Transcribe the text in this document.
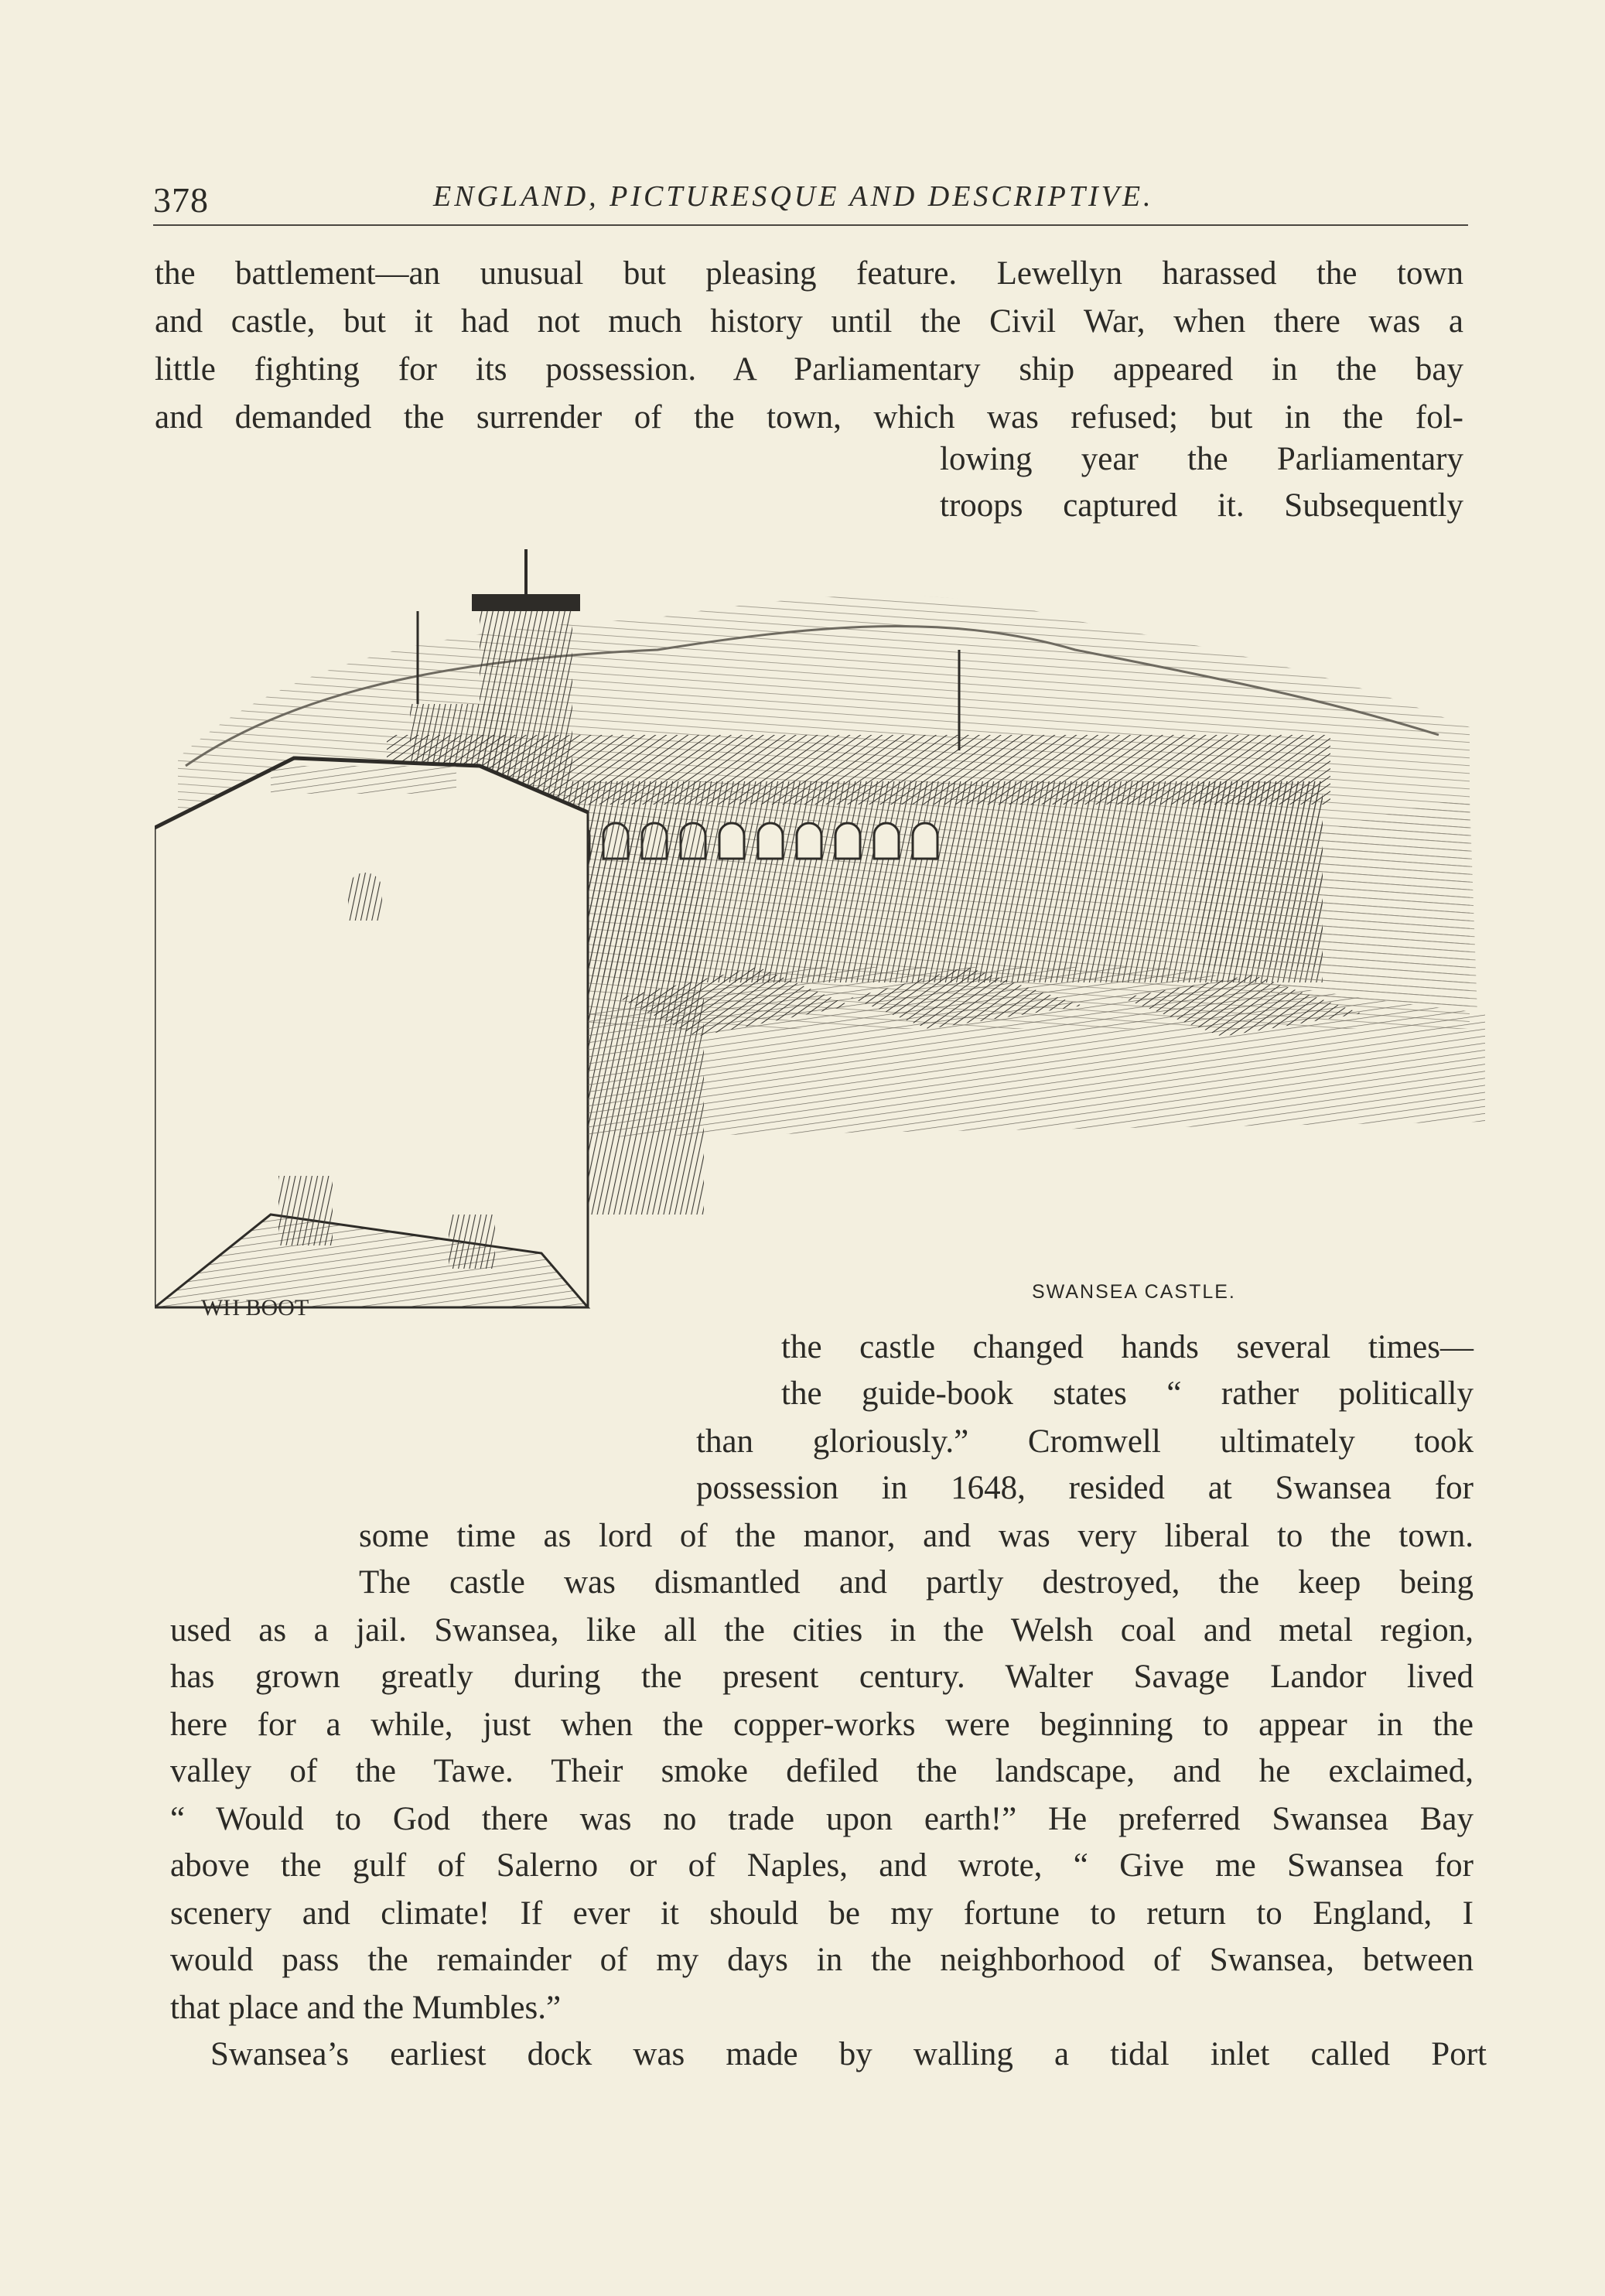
378	ENGLAND, PICTURESQUE AND DESCRIPTIVE.
the battlement—an unusual but pleasing feature. Lewellyn harassed the town
and castle, but it had not much history until the Civil War, when there was a
little fighting for its possession. A Parliamentary ship appeared in the bay
and demanded the surrender of the town, which was refused; but in the fol-
lowing year the Parliamentary
troops captured it. Subsequently
WH BOOT
SWANSEA CASTLE.
the castle changed hands several times—
the guide-book states “ rather politically
than gloriously.” Cromwell ultimately took
possession in 1648, resided at Swansea for
some time as lord of the manor, and was very liberal to the town.
The castle was dismantled and partly destroyed, the keep being
used as a jail. Swansea, like all the cities in the Welsh coal and metal region,
has grown greatly during the present century. Walter Savage Landor lived
here for a while, just when the copper-works were beginning to appear in the
valley of the Tawe. Their smoke defiled the landscape, and he exclaimed,
“ Would to God there was no trade upon earth!” He preferred Swansea Bay
above the gulf of Salerno or of Naples, and wrote, “ Give me Swansea for
scenery and climate! If ever it should be my fortune to return to England, I
would pass the remainder of my days in the neighborhood of Swansea, between
that place and the Mumbles.”
Swansea’s earliest dock was made by walling a tidal inlet called Port
